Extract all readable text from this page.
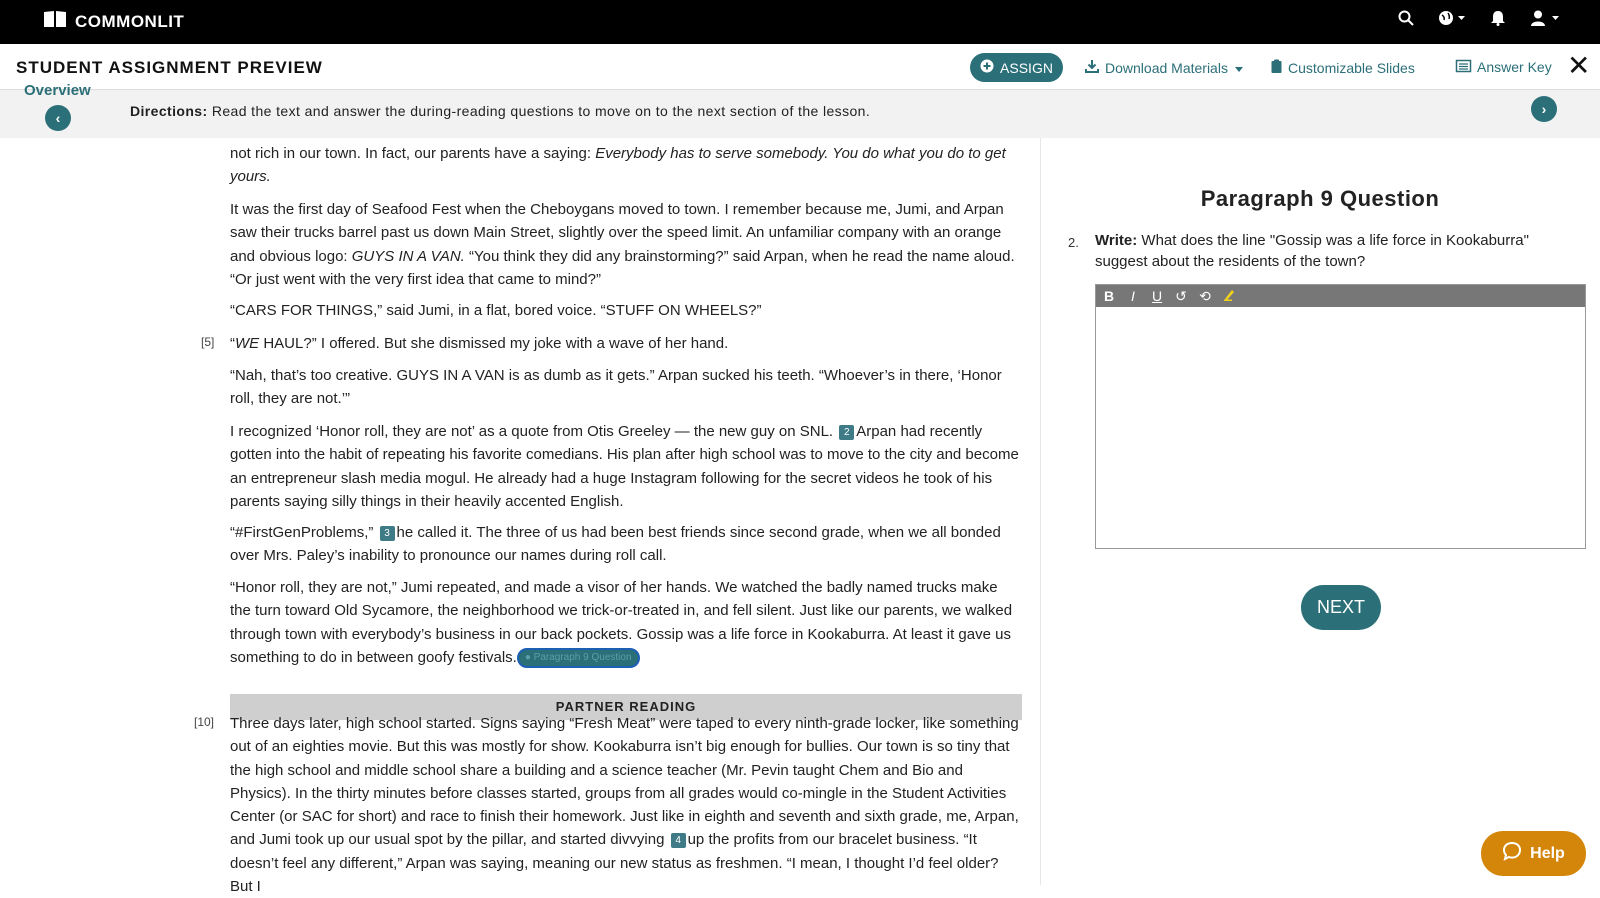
COMMONLIT
STUDENT ASSIGNMENT PREVIEW	ASSIGN	Download Materials	Customizable Slides	Answer Key ✕
Overview
‹	Directions: Read the text and answer the during-reading questions to move on to the next section of the lesson.	›
not rich in our town. In fact, our parents have a saying: Everybody has to serve somebody. You do what you do to get yours.
It was the first day of Seafood Fest when the Cheboygans moved to town. I remember because me, Jumi, and Arpan saw their trucks barrel past us down Main Street, slightly over the speed limit. An unfamiliar company with an orange and obvious logo: GUYS IN A VAN. “You think they did any brainstorming?” said Arpan, when he read the name aloud. “Or just went with the very first idea that came to mind?”
“CARS FOR THINGS,” said Jumi, in a flat, bored voice. “STUFF ON WHEELS?”
[5] “WE HAUL?” I offered. But she dismissed my joke with a wave of her hand.
“Nah, that’s too creative. GUYS IN A VAN is as dumb as it gets.” Arpan sucked his teeth. “Whoever’s in there, ‘Honor roll, they are not.’”
I recognized ‘Honor roll, they are not’ as a quote from Otis Greeley — the new guy on SNL. 2 Arpan had recently gotten into the habit of repeating his favorite comedians. His plan after high school was to move to the city and become an entrepreneur slash media mogul. He already had a huge Instagram following for the secret videos he took of his parents saying silly things in their heavily accented English.
“#FirstGenProblems,” 3 he called it. The three of us had been best friends since second grade, when we all bonded over Mrs. Paley’s inability to pronounce our names during roll call.
“Honor roll, they are not,” Jumi repeated, and made a visor of her hands. We watched the badly named trucks make the turn toward Old Sycamore, the neighborhood we trick-or-treated in, and fell silent. Just like our parents, we walked through town with everybody’s business in our back pockets. Gossip was a life force in Kookaburra. At least it gave us something to do in between goofy festivals. ● Paragraph 9 Question
PARTNER READING
[10] Three days later, high school started. Signs saying “Fresh Meat” were taped to every ninth-grade locker, like something out of an eighties movie. But this was mostly for show. Kookaburra isn’t big enough for bullies. Our town is so tiny that the high school and middle school share a building and a science teacher (Mr. Pevin taught Chem and Bio and Physics). In the thirty minutes before classes started, groups from all grades would co-mingle in the Student Activities Center (or SAC for short) and race to finish their homework. Just like in eighth and seventh and sixth grade, me, Arpan, and Jumi took up our usual spot by the pillar, and started divvying 4 up the profits from our bracelet business. “It doesn’t feel any different,” Arpan was saying, meaning our new status as freshmen. “I mean, I thought I’d feel older? But I
Paragraph 9 Question
2. Write: What does the line "Gossip was a life force in Kookaburra" suggest about the residents of the town?
B	I	U ↺ ⟲
NEXT
Help
